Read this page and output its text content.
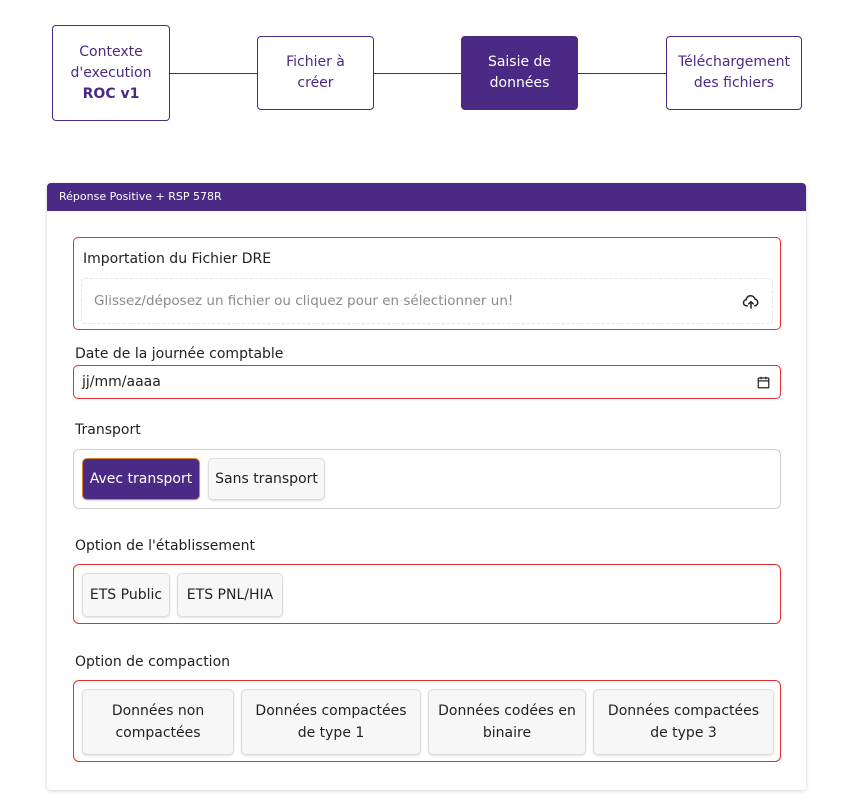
Contexte
d'execution
ROC v1
Fichier à
créer
Saisie de
données
Téléchargement
des fichiers
Réponse Positive + RSP 578R
Importation du Fichier DRE
Glissez/déposez un fichier ou cliquez pour en sélectionner un!
Date de la journée comptable
jj/mm/aaaa
Transport
Avec transport	Sans transport
Option de l'établissement
ETS Public	ETS PNL/HIA
Option de compaction
Données non
compactées
Données compactées
de type 1
Données codées en
binaire
Données compactées
de type 3
